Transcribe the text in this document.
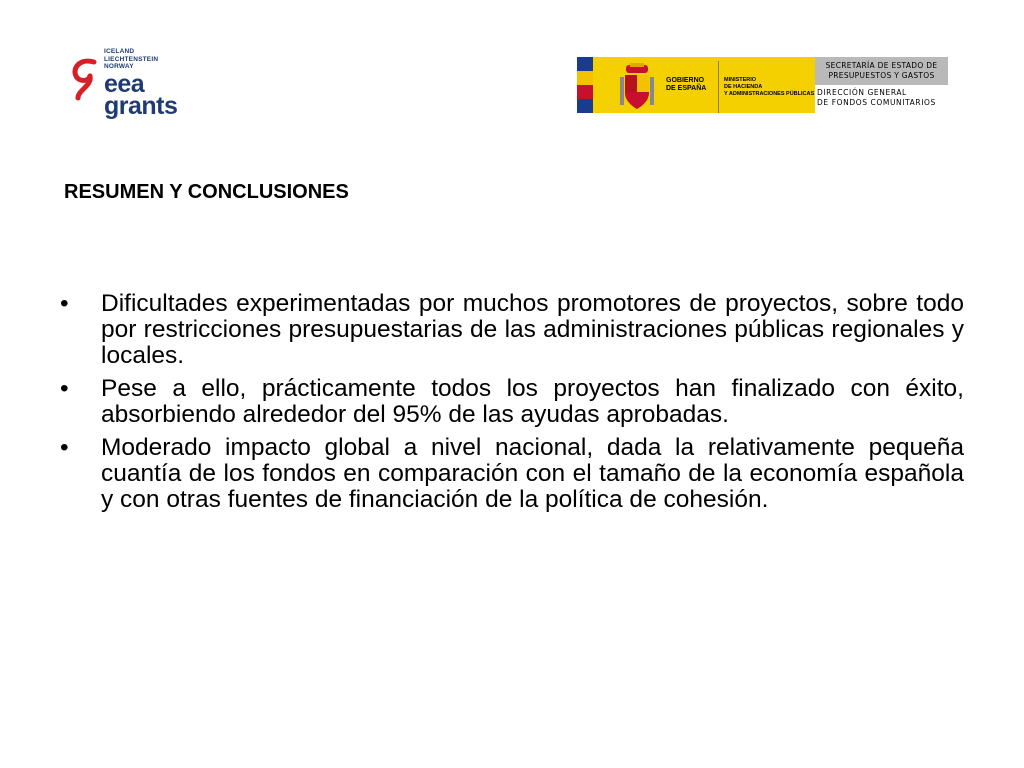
ICELAND
LIECHTENSTEIN
NORWAY
eea
grants
GOBIERNO
DE ESPAÑA
MINISTERIO
DE HACIENDA
Y ADMINISTRACIONES PÚBLICAS
SECRETARÍA DE ESTADO DE
PRESUPUESTOS Y GASTOS
DIRECCIÓN GENERAL
DE FONDOS COMUNITARIOS
RESUMEN Y CONCLUSIONES
• Dificultades experimentadas por muchos promotores de proyectos, sobre todo por restricciones presupuestarias de las administraciones públicas regionales y locales.
• Pese a ello, prácticamente todos los proyectos han finalizado con éxito, absorbiendo alrededor del 95% de las ayudas aprobadas.
• Moderado impacto global a nivel nacional, dada la relativamente pequeña cuantía de los fondos en comparación con el tamaño de la economía española y con otras fuentes de financiación de la política de cohesión.
